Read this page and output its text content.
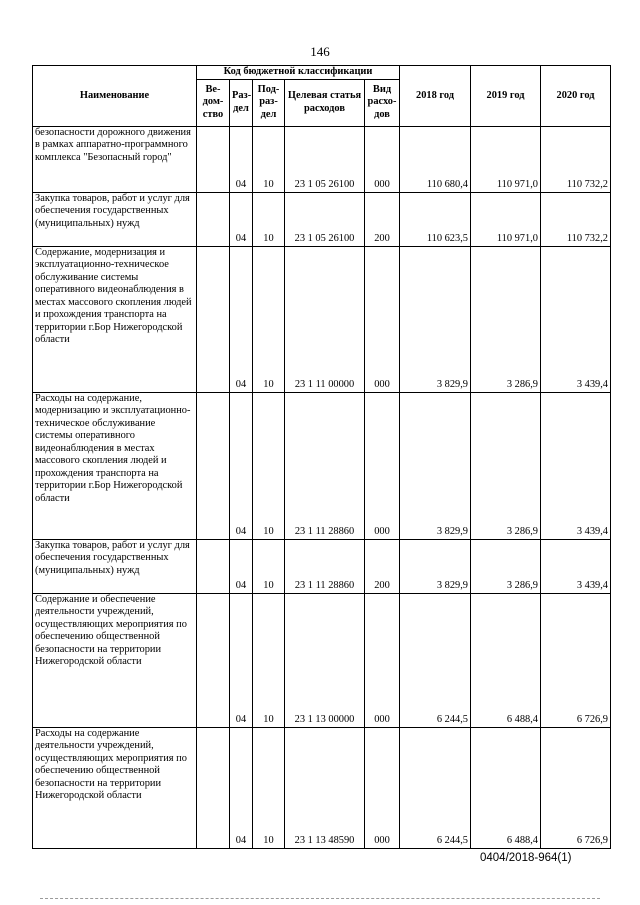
146
Наименование	Код бюджетной классификации					2018 год	2019 год	2020 год
	Ве-дом-ство	Раз-дел	Под-раз-дел	Целевая статья расходов	Вид расхо-дов			
безопасности дорожного движения в рамках аппаратно-программного комплекса "Безопасный город"		04	10	23 1 05 26100	000	110 680,4	110 971,0	110 732,2
Закупка товаров, работ и услуг для обеспечения государственных (муниципальных) нужд		04	10	23 1 05 26100	200	110 623,5	110 971,0	110 732,2
Содержание, модернизация и эксплуатационно-техническое обслуживание системы оперативного видеонаблюдения в местах массового скопления людей и прохождения транспорта на территории г.Бор Нижегородской области		04	10	23 1 11 00000	000	3 829,9	3 286,9	3 439,4
Расходы на содержание, модернизацию и эксплуатационно-техническое обслуживание системы оперативного видеонаблюдения в местах массового скопления людей и прохождения транспорта на территории г.Бор Нижегородской области		04	10	23 1 11 28860	000	3 829,9	3 286,9	3 439,4
Закупка товаров, работ и услуг для обеспечения государственных (муниципальных) нужд		04	10	23 1 11 28860	200	3 829,9	3 286,9	3 439,4
Содержание и обеспечение деятельности учреждений, осуществляющих мероприятия по обеспечению общественной безопасности на территории Нижегородской области		04	10	23 1 13 00000	000	6 244,5	6 488,4	6 726,9
Расходы на содержание деятельности учреждений, осуществляющих мероприятия по обеспечению общественной безопасности на территории Нижегородской области		04	10	23 1 13 48590	000	6 244,5	6 488,4	6 726,9
0404/2018-964(1)
